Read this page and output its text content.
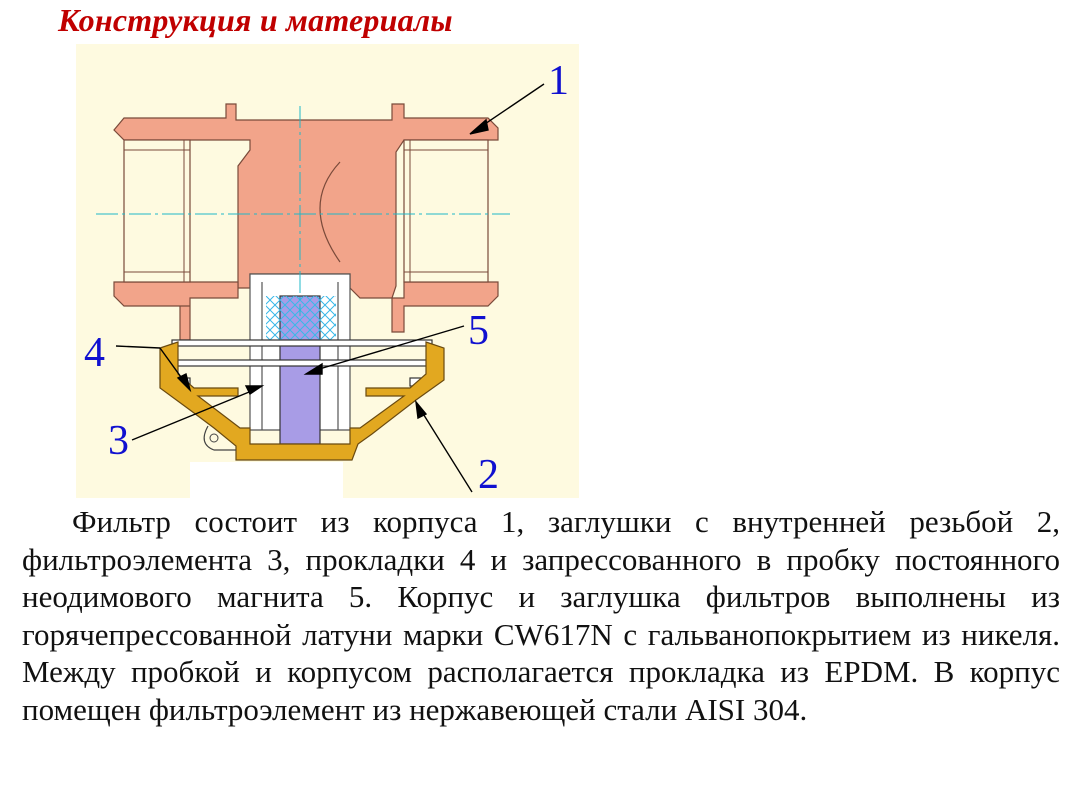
Конструкция и материалы
1
2
3
4	5

Фильтр состоит из корпуса 1, заглушки с внутренней резьбой 2, фильтроэлемента 3, прокладки 4 и запрессованного в пробку постоянного неодимового магнита 5. Корпус и заглушка фильтров выполнены из горячепрессованной латуни марки CW617N с гальванопокрытием из никеля. Между пробкой и корпусом располагается прокладка из EPDM. В корпус помещен фильтроэлемент из нержавеющей стали AISI 304.
